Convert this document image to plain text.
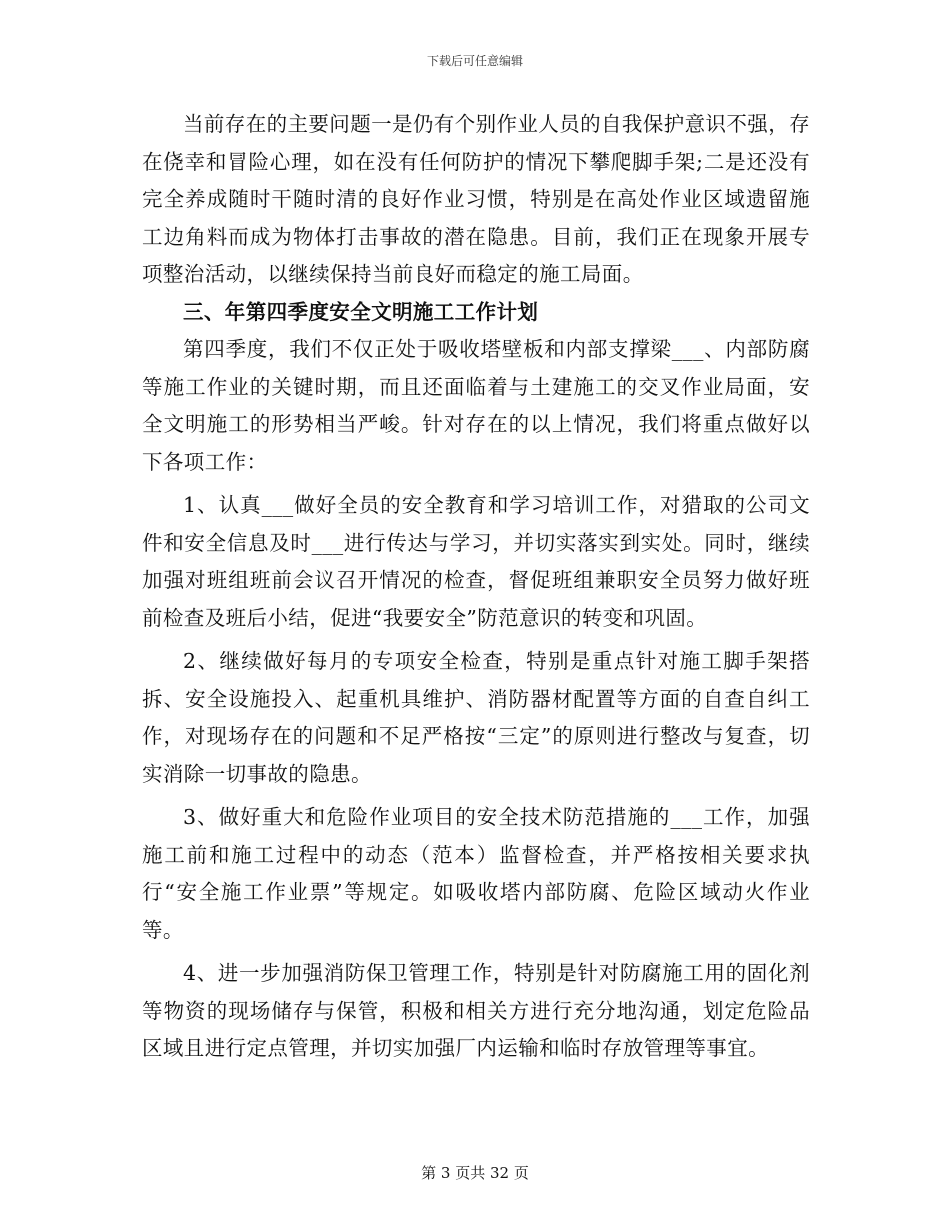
下载后可任意编辑

当前存在的主要问题一是仍有个别作业人员的自我保护意识不强，存在侥幸和冒险心理，如在没有任何防护的情况下攀爬脚手架;二是还没有完全养成随时干随时清的良好作业习惯，特别是在高处作业区域遗留施工边角料而成为物体打击事故的潜在隐患。目前，我们正在现象开展专项整治活动，以继续保持当前良好而稳定的施工局面。

三、年第四季度安全文明施工工作计划

第四季度，我们不仅正处于吸收塔壁板和内部支撑梁___、内部防腐等施工作业的关键时期，而且还面临着与土建施工的交叉作业局面，安全文明施工的形势相当严峻。针对存在的以上情况，我们将重点做好以下各项工作：

1、认真___做好全员的安全教育和学习培训工作，对猎取的公司文件和安全信息及时___进行传达与学习，并切实落实到实处。同时，继续加强对班组班前会议召开情况的检查，督促班组兼职安全员努力做好班前检查及班后小结，促进“我要安全”防范意识的转变和巩固。

2、继续做好每月的专项安全检查，特别是重点针对施工脚手架搭拆、安全设施投入、起重机具维护、消防器材配置等方面的自查自纠工作，对现场存在的问题和不足严格按“三定”的原则进行整改与复查，切实消除一切事故的隐患。

3、做好重大和危险作业项目的安全技术防范措施的___工作，加强施工前和施工过程中的动态（范本）监督检查，并严格按相关要求执行“安全施工作业票”等规定。如吸收塔内部防腐、危险区域动火作业等。

4、进一步加强消防保卫管理工作，特别是针对防腐施工用的固化剂等物资的现场储存与保管，积极和相关方进行充分地沟通，划定危险品区域且进行定点管理，并切实加强厂内运输和临时存放管理等事宜。

第 3 页共 32 页
